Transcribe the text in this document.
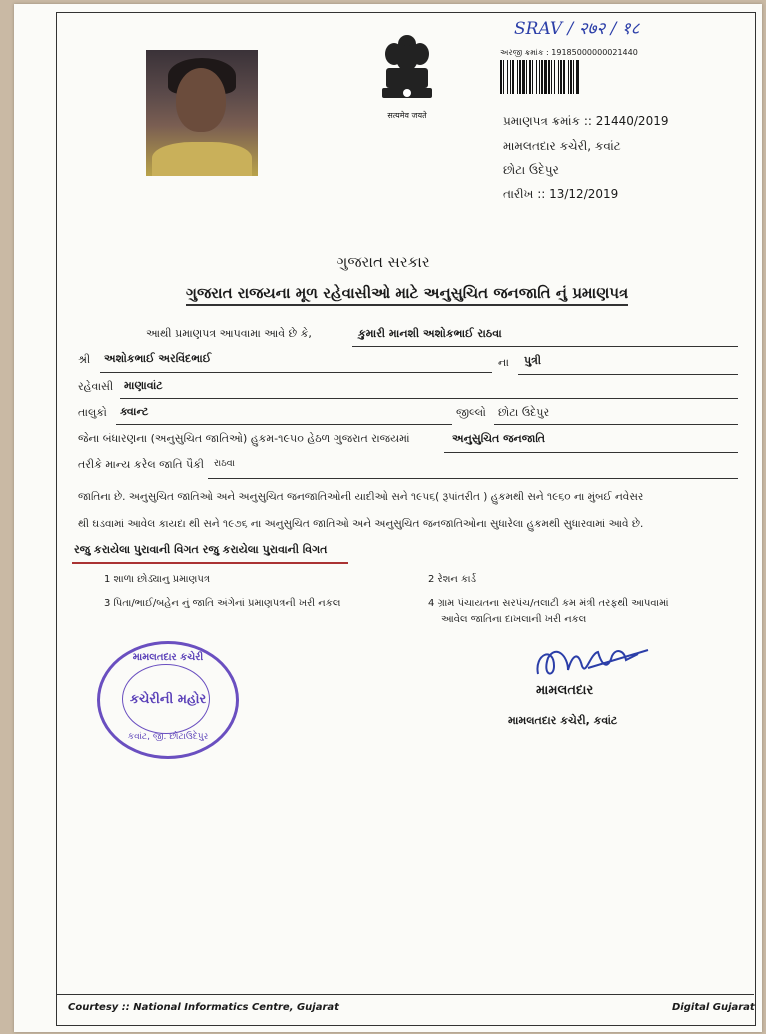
SRAV / २७२ / १८
सत्यमेव जयते
અરજી ક્રમાંક : 19185000000021440
પ્રમાણપત્ર ક્રમાંક :: 21440/2019
મામલતદાર કચેરી, કવાંટ
છોટા ઉદેપુર
તારીખ :: 13/12/2019
ગુજરાત સરકાર
ગુજરાત રાજયના મૂળ રહેવાસીઓ માટે અનુસુચિત જનજાતિ નું પ્રમાણપત્ર
આથી પ્રમાણપત્ર આપવામા આવે છે કે,	કુમારી માનશી અશોકભાઈ રાઠવા
શ્રી અશોકભાઈ અરવિંદભાઈ	ના પુત્રી
રહેવાસી માણાવાંટ
તાલુકો ક્વાન્ટ	જીલ્લો છોટા ઉદેપુર
જેના બંધારણના (અનુસુચિત જાતિઓ) હુકમ-૧૯૫૦ હેઠળ ગુજરાત રાજયમાં	અનુસુચિત જનજાતિ
તરીકે માન્ય કરેલ જાતિ પૈકી રાઠવા
જાતિના છે. અનુસુચિત જાતિઓ અને અનુસુચિત જનજાતિઓની યાદીઓ સને ૧૯૫૬( રૂપાંતરીત ) હુકમથી સને ૧૯૬૦ ના મુંબઈ નવેસર
થી ઘડવામાં આવેલ કાયદા થી સને ૧૯૭૬ ના અનુસુચિત જાતિઓ અને અનુસુચિત જનજાતિઓના સુધારેલા હુકમથી સુધારવામાં આવે છે.
રજુ કરાયેલા પુરાવાની વિગત રજુ કરાયેલા પુરાવાની વિગત
1 શાળા છોડ્યાનુ પ્રમાણપત્ર	2 રેશન કાર્ડ
3 પિતા/ભાઈ/બહેન નું જાતિ અંગેનાં પ્રમાણપત્રની ખરી નકલ	4 ગ્રામ પંચાયતના સરપંચ/તલાટી કમ મંત્રી તરફથી આપવામાં
આવેલ જાતિના દાખલાની ખરી નકલ
મામલતદાર કચેરી
કચેરીની મહોર
કવાંટ, જી. છોટાઉદેપુર
મામલતદાર
મામલતદાર કચેરી, કવાંટ
Courtesy :: National Informatics Centre, Gujarat	Digital Gujarat
